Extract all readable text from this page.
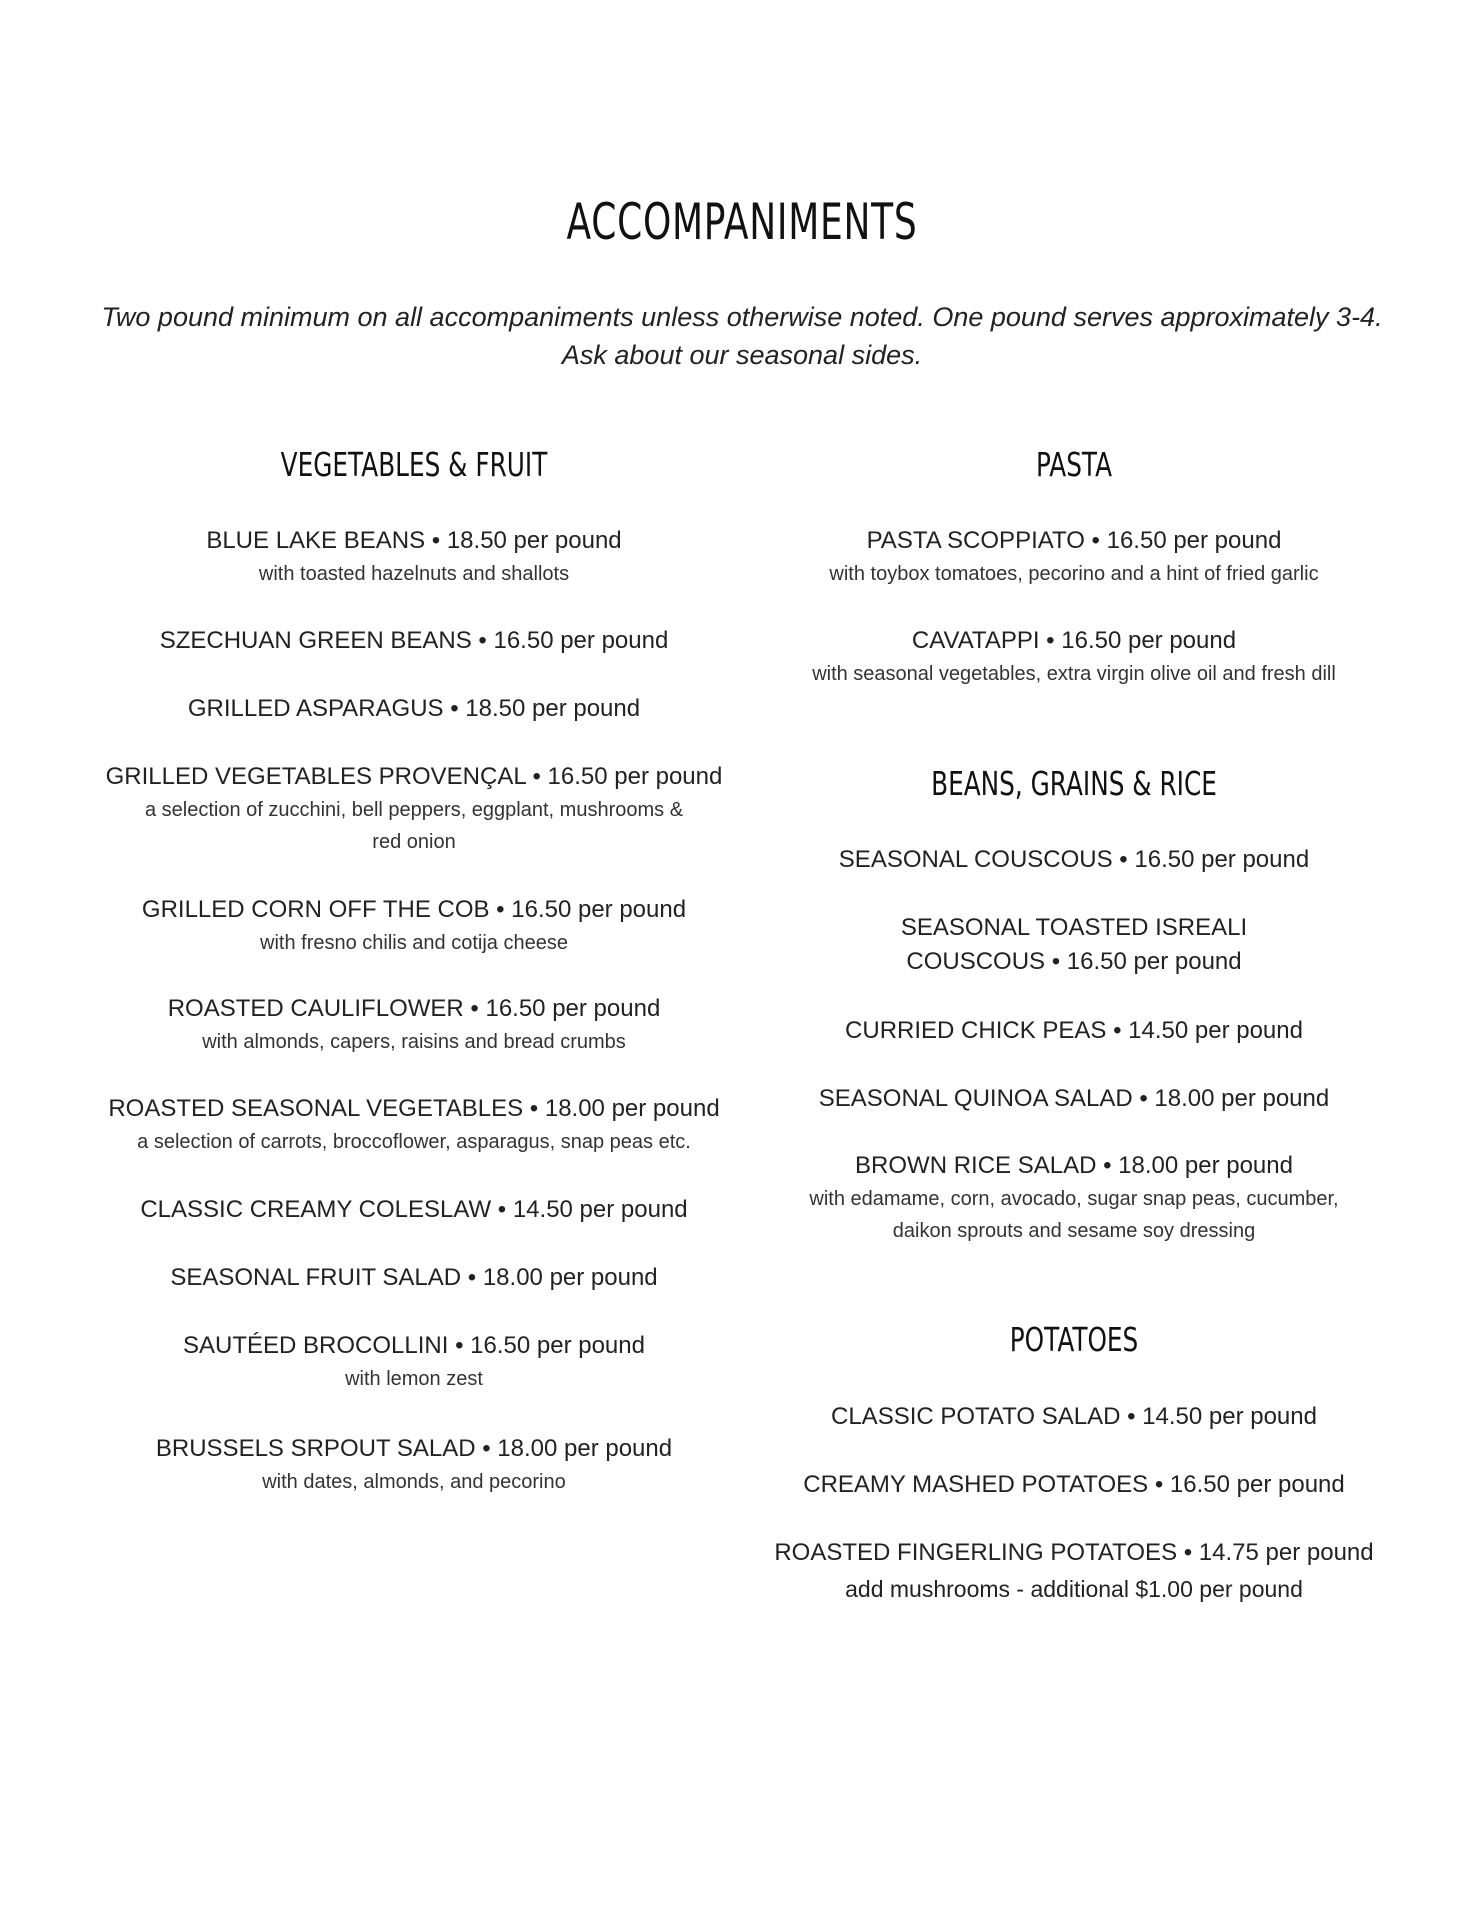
ACCOMPANIMENTS
Two pound minimum on all accompaniments unless otherwise noted. One pound serves approximately 3-4.
Ask about our seasonal sides.
VEGETABLES & FRUIT
BLUE LAKE BEANS • 18.50 per pound
with toasted hazelnuts and shallots
SZECHUAN GREEN BEANS • 16.50 per pound
GRILLED ASPARAGUS • 18.50 per pound
GRILLED VEGETABLES PROVENÇAL • 16.50 per pound
a selection of zucchini, bell peppers, eggplant, mushrooms & red onion
GRILLED CORN OFF THE COB • 16.50 per pound
with fresno chilis and cotija cheese
ROASTED CAULIFLOWER • 16.50 per pound
with almonds, capers, raisins and bread crumbs
ROASTED SEASONAL VEGETABLES • 18.00 per pound
a selection of carrots, broccoflower, asparagus, snap peas etc.
CLASSIC CREAMY COLESLAW • 14.50 per pound
SEASONAL FRUIT SALAD • 18.00 per pound
SAUTÉED BROCOLLINI • 16.50 per pound
with lemon zest
BRUSSELS SRPOUT SALAD • 18.00 per pound
with dates, almonds, and pecorino
PASTA
PASTA SCOPPIATO • 16.50 per pound
with toybox tomatoes, pecorino and a hint of fried garlic
CAVATAPPI • 16.50 per pound
with seasonal vegetables, extra virgin olive oil and fresh dill
BEANS, GRAINS & RICE
SEASONAL COUSCOUS • 16.50 per pound
SEASONAL TOASTED ISREALI COUSCOUS • 16.50 per pound
CURRIED CHICK PEAS • 14.50 per pound
SEASONAL QUINOA SALAD • 18.00 per pound
BROWN RICE SALAD • 18.00 per pound
with edamame, corn, avocado, sugar snap peas, cucumber, daikon sprouts and sesame soy dressing
POTATOES
CLASSIC POTATO SALAD • 14.50 per pound
CREAMY MASHED POTATOES • 16.50 per pound
ROASTED FINGERLING POTATOES • 14.75 per pound
add mushrooms - additional $1.00 per pound
